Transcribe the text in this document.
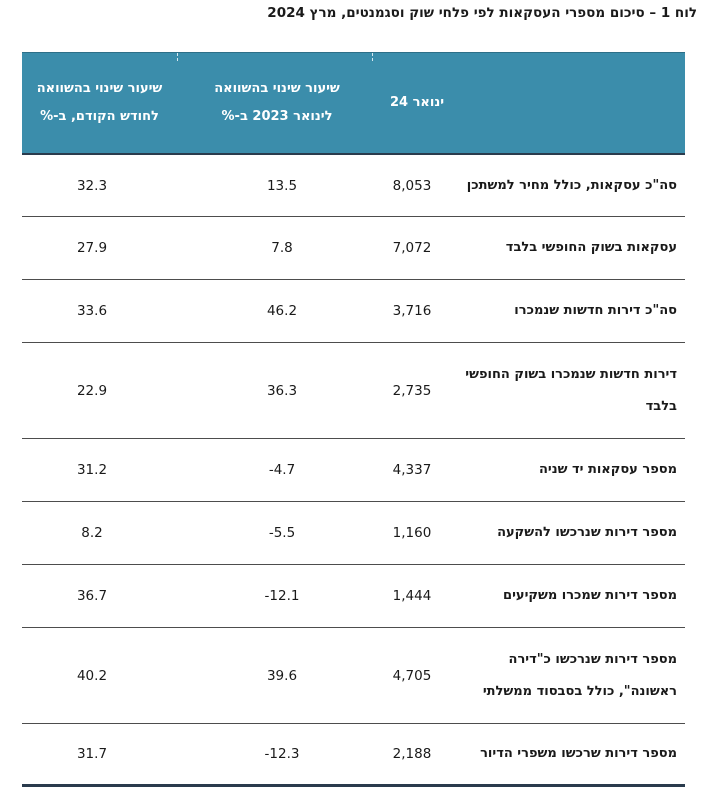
לוח 1 – סיכום מספרי העסקאות לפי פלחי שוק וסגמנטים, מרץ 2024
ינואר 24
שיעור שינוי בהשוואה
לינואר 2023 ב-%
שיעור שינוי בהשוואה
לחודש הקודם, ב-%
סה"כ עסקאות, כולל מחיר למשתכן
8,053
13.5
32.3
עסקאות בשוק החופשי בלבד
7,072
7.8
27.9
סה"כ דירות חדשות שנמכרו
3,716
46.2
33.6
דירות חדשות שנמכרו בשוק החופשי
בלבד
2,735
36.3
22.9
מספר עסקאות יד שניה
4,337
-4.7
31.2
מספר דירות שנרכשו להשקעה
1,160
-5.5
8.2
מספר דירות שמכרו משקיעים
1,444
-12.1
36.7
מספר דירות שנרכשו כ"דירה
ראשונה", כולל בסבסוד ממשלתי
4,705
39.6
40.2
מספר דירות שרכשו משפרי הדיור
2,188
-12.3
31.7
